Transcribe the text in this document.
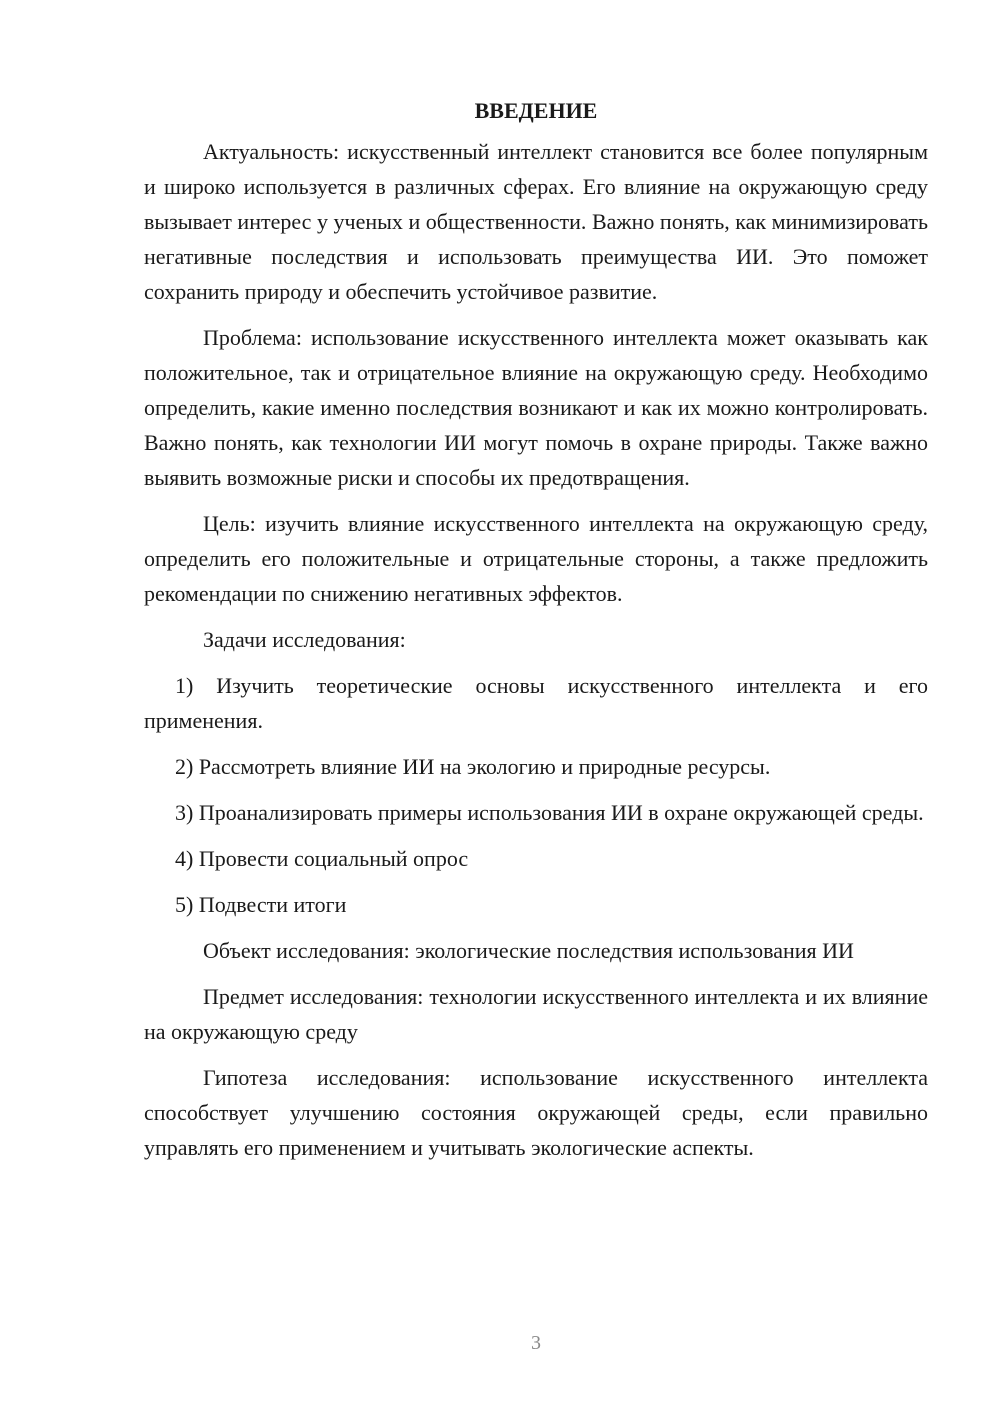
ВВЕДЕНИЕ

Актуальность: искусственный интеллект становится все более популярным и широко используется в различных сферах. Его влияние на окружающую среду вызывает интерес у ученых и общественности. Важно понять, как минимизировать негативные последствия и использовать преимущества ИИ. Это поможет сохранить природу и обеспечить устойчивое развитие.

Проблема: использование искусственного интеллекта может оказывать как положительное, так и отрицательное влияние на окружающую среду. Необходимо определить, какие именно последствия возникают и как их можно контролировать. Важно понять, как технологии ИИ могут помочь в охране природы. Также важно выявить возможные риски и способы их предотвращения.

Цель: изучить влияние искусственного интеллекта на окружающую среду, определить его положительные и отрицательные стороны, а также предложить рекомендации по снижению негативных эффектов.

Задачи исследования:

1) Изучить теоретические основы искусственного интеллекта и его применения.

2) Рассмотреть влияние ИИ на экологию и природные ресурсы.

3) Проанализировать примеры использования ИИ в охране окружающей среды.

4) Провести социальный опрос

5) Подвести итоги

Объект исследования: экологические последствия использования ИИ

Предмет исследования: технологии искусственного интеллекта и их влияние на окружающую среду

Гипотеза исследования: использование искусственного интеллекта способствует улучшению состояния окружающей среды, если правильно управлять его применением и учитывать экологические аспекты.

3
